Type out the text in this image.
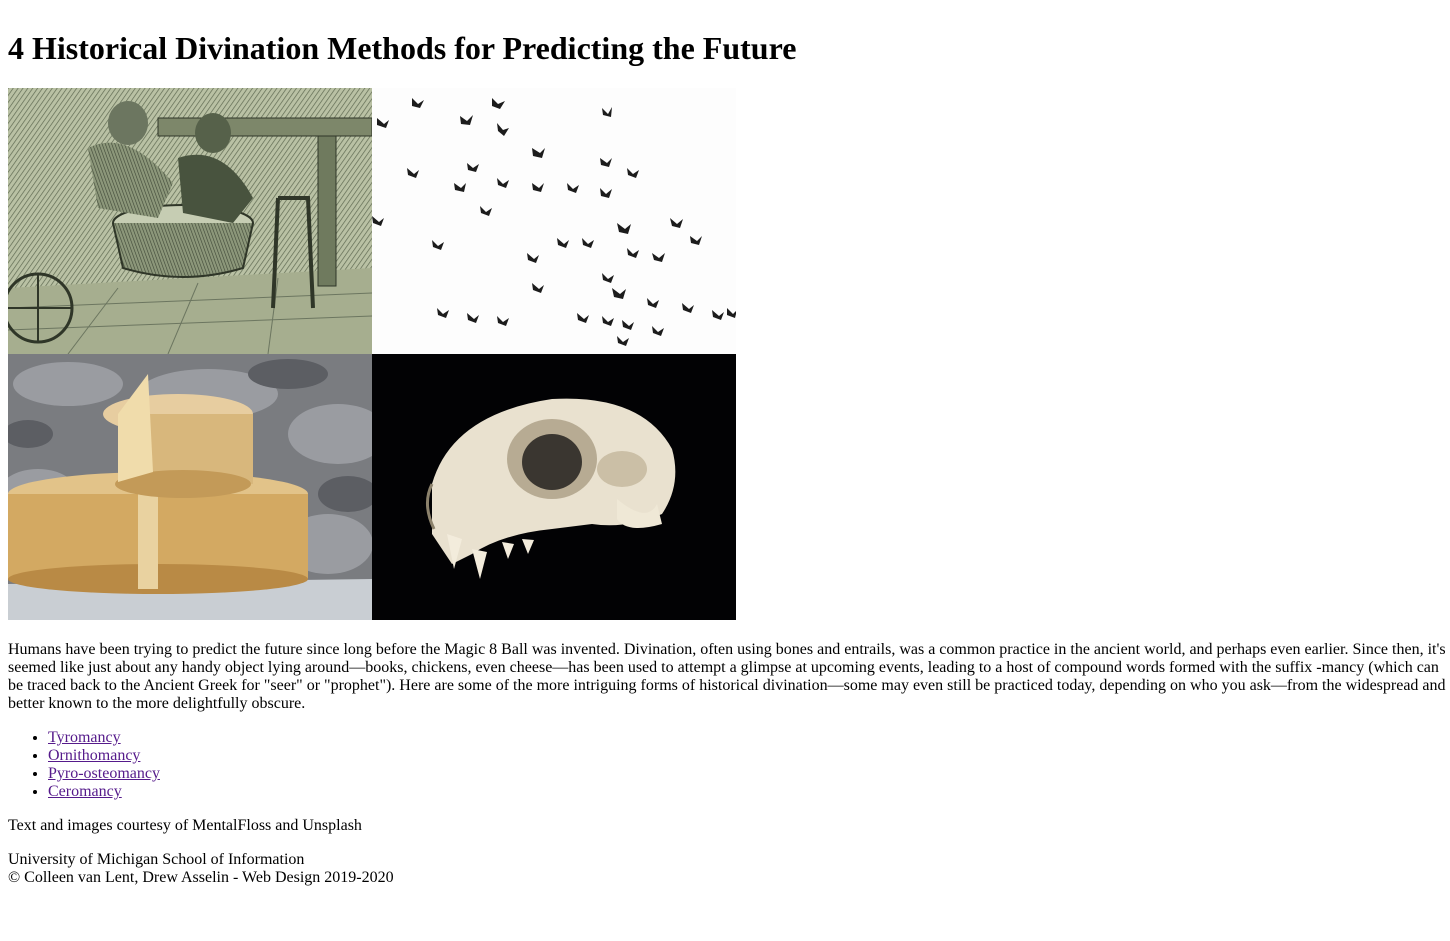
4 Historical Divination Methods for Predicting the Future

Humans have been trying to predict the future since long before the Magic 8 Ball was invented. Divination, often using bones and entrails, was a common practice in the ancient world, and perhaps even earlier. Since then, it's seemed like just about any handy object lying around—books, chickens, even cheese—has been used to attempt a glimpse at upcoming events, leading to a host of compound words formed with the suffix -mancy (which can be traced back to the Ancient Greek for "seer" or "prophet"). Here are some of the more intriguing forms of historical divination—some may even still be practiced today, depending on who you ask—from the widespread and better known to the more delightfully obscure.

• Tyromancy
• Ornithomancy
• Pyro-osteomancy
• Ceromancy

Text and images courtesy of MentalFloss and Unsplash

University of Michigan School of Information
© Colleen van Lent, Drew Asselin - Web Design 2019-2020
